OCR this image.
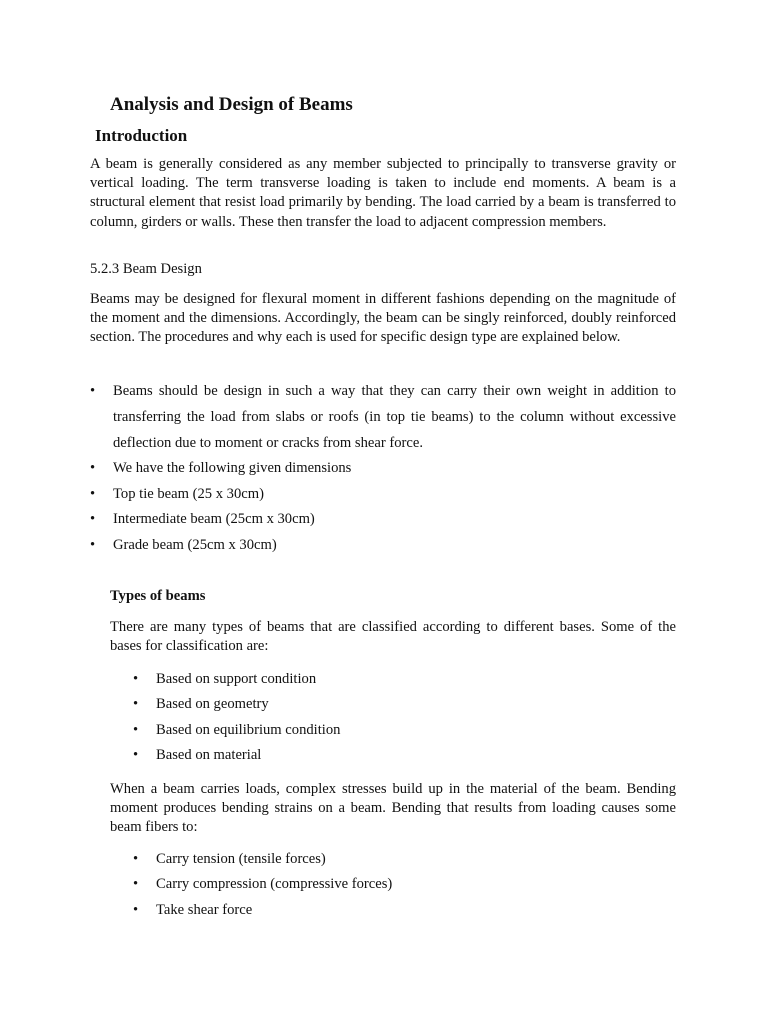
Analysis and Design of Beams
Introduction

A beam is generally considered as any member subjected to principally to transverse gravity or vertical loading. The term transverse loading is taken to include end moments. A beam is a structural element that resist load primarily by bending. The load carried by a beam is transferred to column, girders or walls. These then transfer the load to adjacent compression members.

5.2.3 Beam Design

Beams may be designed for flexural moment in different fashions depending on the magnitude of the moment and the dimensions. Accordingly, the beam can be singly reinforced, doubly reinforced section. The procedures and why each is used for specific design type are explained below.

• Beams should be design in such a way that they can carry their own weight in addition to transferring the load from slabs or roofs (in top tie beams) to the column without excessive deflection due to moment or cracks from shear force.
• We have the following given dimensions
• Top tie beam (25 x 30cm)
• Intermediate beam (25cm x 30cm)
• Grade beam (25cm x 30cm)

Types of beams

There are many types of beams that are classified according to different bases. Some of the bases for classification are:

• Based on support condition
• Based on geometry
• Based on equilibrium condition
• Based on material

When a beam carries loads, complex stresses build up in the material of the beam. Bending moment produces bending strains on a beam. Bending that results from loading causes some beam fibers to:

• Carry tension (tensile forces)
• Carry compression (compressive forces)
• Take shear force
